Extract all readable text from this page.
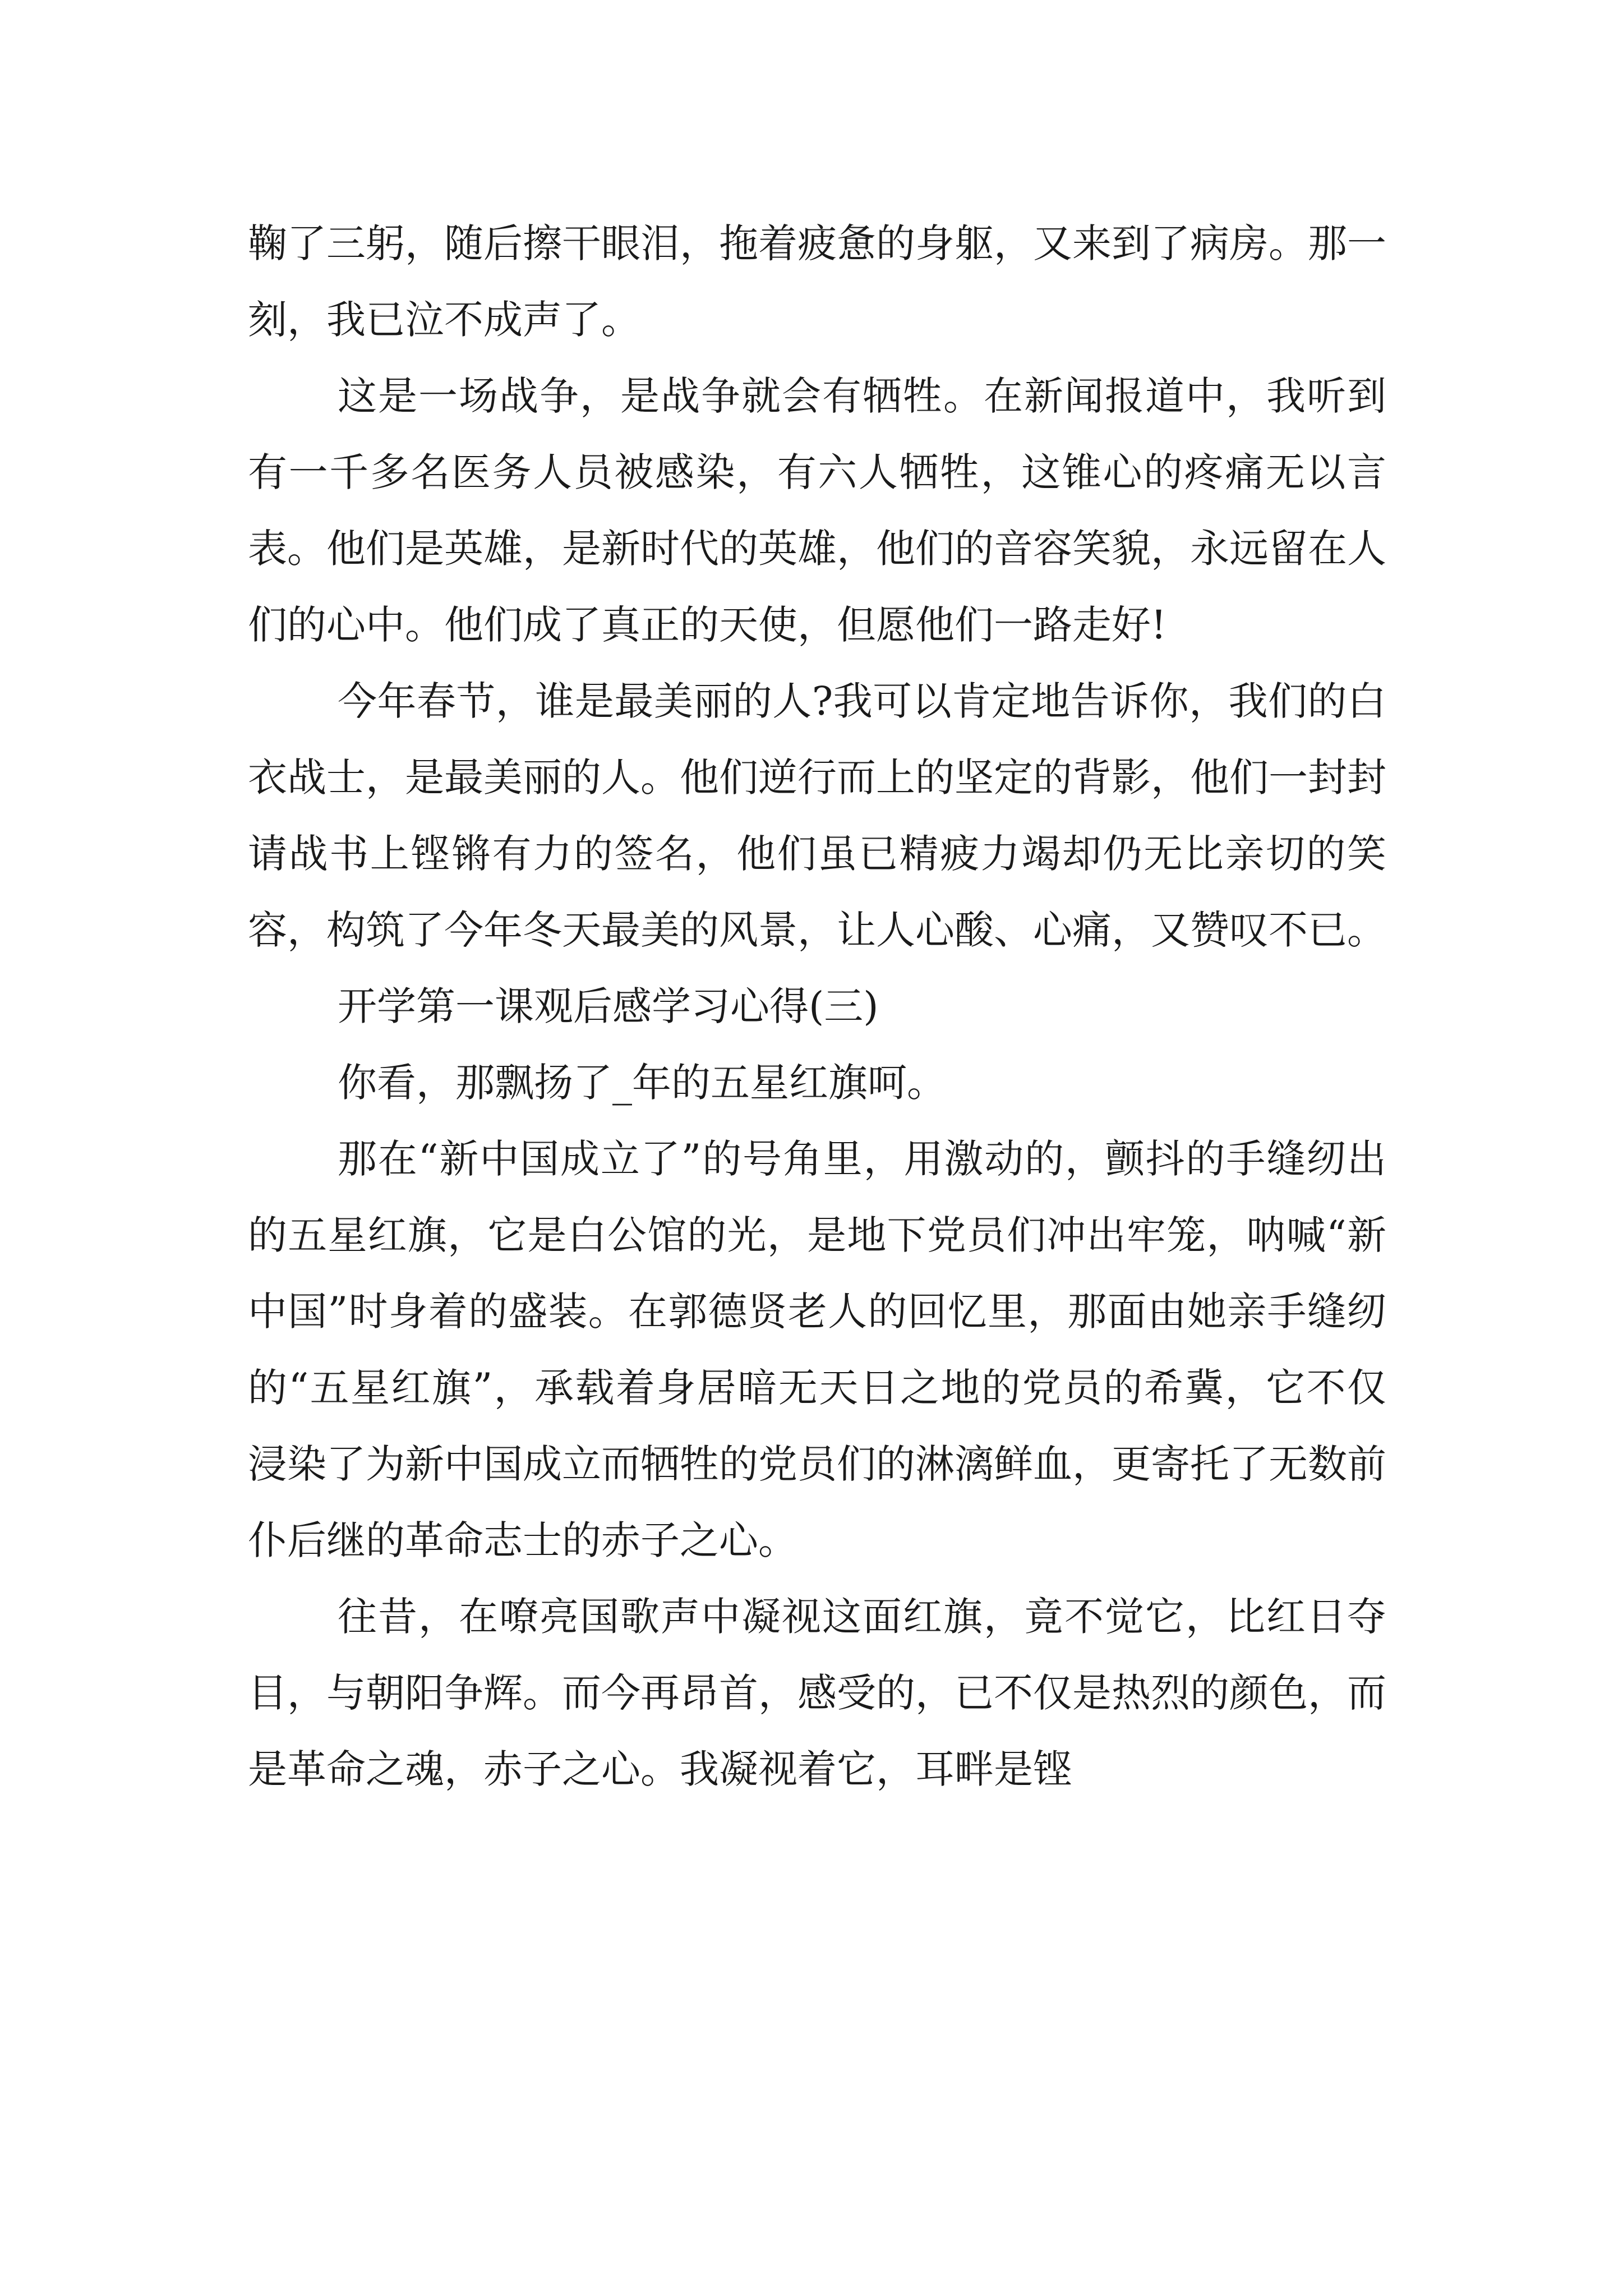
鞠了三躬，随后擦干眼泪，拖着疲惫的身躯，又来到了病房。那一刻，我已泣不成声了。

这是一场战争，是战争就会有牺牲。在新闻报道中，我听到有一千多名医务人员被感染，有六人牺牲，这锥心的疼痛无以言表。他们是英雄，是新时代的英雄，他们的音容笑貌，永远留在人们的心中。他们成了真正的天使，但愿他们一路走好!

今年春节，谁是最美丽的人?我可以肯定地告诉你，我们的白衣战士，是最美丽的人。他们逆行而上的坚定的背影，他们一封封请战书上铿锵有力的签名，他们虽已精疲力竭却仍无比亲切的笑容，构筑了今年冬天最美的风景，让人心酸、心痛，又赞叹不已。

开学第一课观后感学习心得(三)

你看，那飘扬了_年的五星红旗呵。

那在“新中国成立了”的号角里，用激动的，颤抖的手缝纫出的五星红旗，它是白公馆的光，是地下党员们冲出牢笼，呐喊“新中国”时身着的盛装。在郭德贤老人的回忆里，那面由她亲手缝纫的“五星红旗”，承载着身居暗无天日之地的党员的希冀，它不仅浸染了为新中国成立而牺牲的党员们的淋漓鲜血，更寄托了无数前仆后继的革命志士的赤子之心。

往昔，在嘹亮国歌声中凝视这面红旗，竟不觉它，比红日夺目，与朝阳争辉。而今再昂首，感受的，已不仅是热烈的颜色，而是革命之魂，赤子之心。我凝视着它，耳畔是铿
